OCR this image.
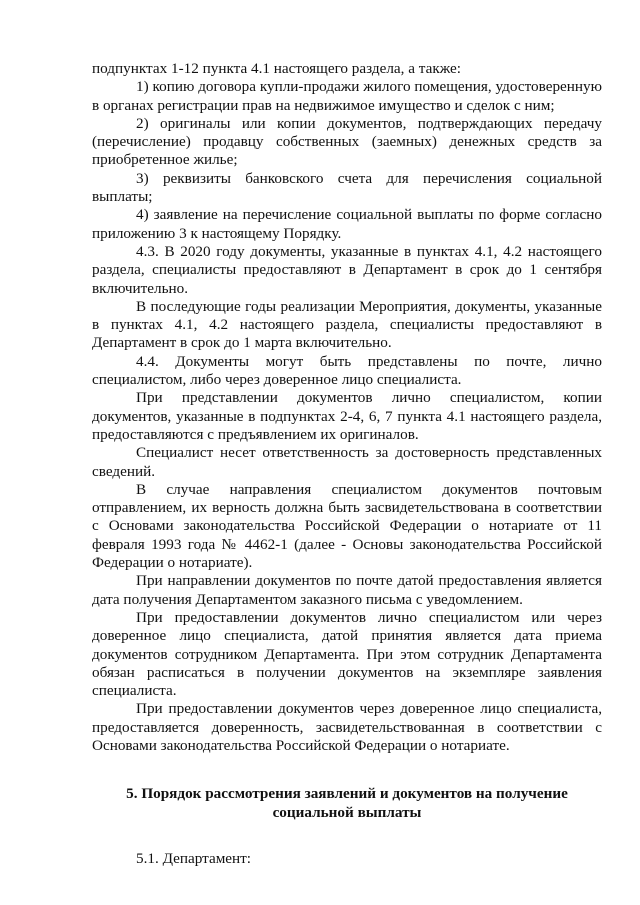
подпунктах 1-12 пункта 4.1 настоящего раздела, а также:

1) копию договора купли-продажи жилого помещения, удостоверенную в органах регистрации прав на недвижимое имущество и сделок с ним;

2) оригиналы или копии документов, подтверждающих передачу (перечисление) продавцу собственных (заемных) денежных средств за приобретенное жилье;

3) реквизиты банковского счета для перечисления социальной выплаты;

4) заявление на перечисление социальной выплаты по форме согласно приложению 3 к настоящему Порядку.

4.3. В 2020 году документы, указанные в пунктах 4.1, 4.2 настоящего раздела, специалисты предоставляют в Департамент в срок до 1 сентября включительно.

В последующие годы реализации Мероприятия, документы, указанные в пунктах 4.1, 4.2 настоящего раздела, специалисты предоставляют в Департамент в срок до 1 марта включительно.

4.4. Документы могут быть представлены по почте, лично специалистом, либо через доверенное лицо специалиста.

При представлении документов лично специалистом, копии документов, указанные в подпунктах 2-4, 6, 7 пункта 4.1 настоящего раздела, предоставляются с предъявлением их оригиналов.

Специалист несет ответственность за достоверность представленных сведений.

В случае направления специалистом документов почтовым отправлением, их верность должна быть засвидетельствована в соответствии с Основами законодательства Российской Федерации о нотариате от 11 февраля 1993 года № 4462-1 (далее - Основы законодательства Российской Федерации о нотариате).

При направлении документов по почте датой предоставления является дата получения Департаментом заказного письма с уведомлением.

При предоставлении документов лично специалистом или через доверенное лицо специалиста, датой принятия является дата приема документов сотрудником Департамента. При этом сотрудник Департамента обязан расписаться в получении документов на экземпляре заявления специалиста.

При предоставлении документов через доверенное лицо специалиста, предоставляется доверенность, засвидетельствованная в соответствии с Основами законодательства Российской Федерации о нотариате.

5. Порядок рассмотрения заявлений и документов на получение социальной выплаты

5.1. Департамент:
